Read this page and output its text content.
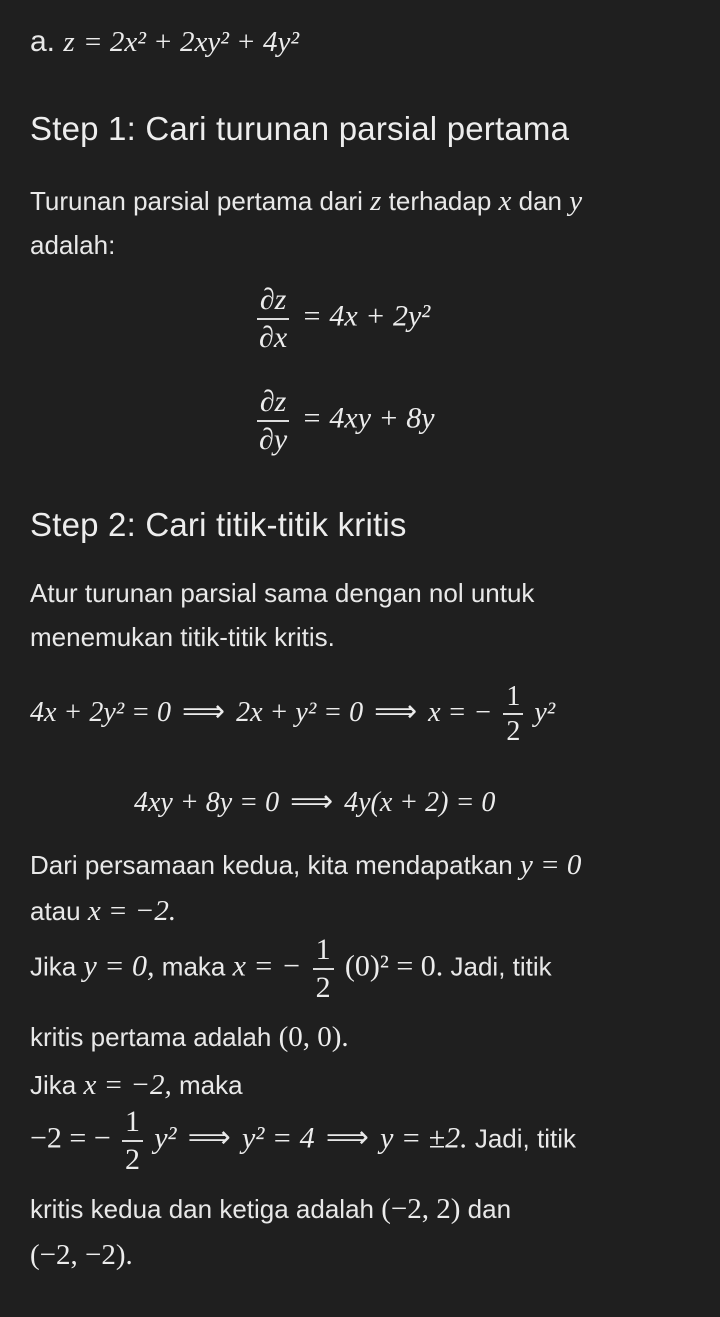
a. z = 2x² + 2xy² + 4y²
Step 1: Cari turunan parsial pertama
Turunan parsial pertama dari z terhadap x dan y
adalah:
$\frac{\partial z}{\partial x} = 4x + 2y^2$
$\frac{\partial z}{\partial y} = 4xy + 8y$
Step 2: Cari titik-titik kritis
Atur turunan parsial sama dengan nol untuk
menemukan titik-titik kritis.
4x + 2y² = 0 ⟹ 2x + y² = 0 ⟹ x = − $\frac{1}{2} y^2$
4xy + 8y = 0 ⟹ 4y(x + 2) = 0
Dari persamaan kedua, kita mendapatkan y = 0
atau x = −2.
Jika y = 0, maka x = − $\frac{1}{2} (0)^2 = 0$. Jadi, titik
kritis pertama adalah (0, 0).
Jika x = −2, maka
−2 = − $\frac{1}{2} y^2$ ⟹ y² = 4 ⟹ y = ±2. Jadi, titik
kritis kedua dan ketiga adalah (−2, 2) dan
(−2, −2).
